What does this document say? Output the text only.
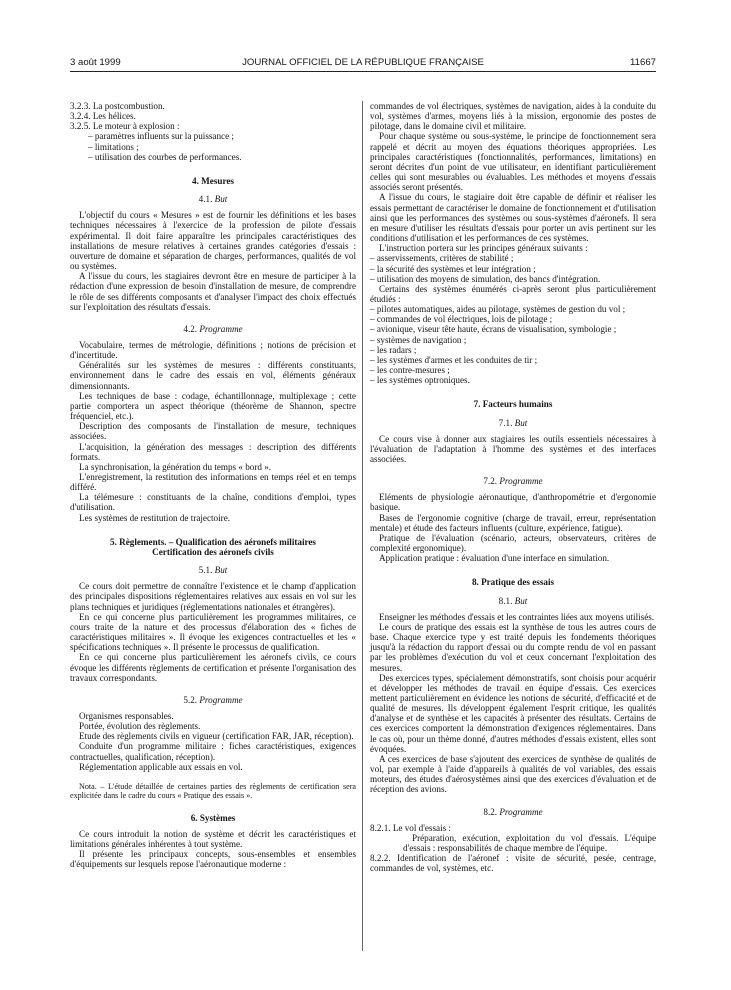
3 août 1999	JOURNAL OFFICIEL DE LA RÉPUBLIQUE FRANÇAISE	11667

3.2.3. La postcombustion.

3.2.4. Les hélices.

3.2.5. Le moteur à explosion :

– paramètres influents sur la puissance ;

– limitations ;

– utilisation des courbes de performances.

4. Mesures
4.1. But

L'objectif du cours « Mesures » est de fournir les définitions et les bases techniques nécessaires à l'exercice de la profession de pilote d'essais expérimental. Il doit faire apparaître les principales caractéristiques des installations de mesure relatives à certaines grandes catégories d'essais : ouverture de domaine et séparation de charges, performances, qualités de vol ou systèmes.

A l'issue du cours, les stagiaires devront être en mesure de participer à la rédaction d'une expression de besoin d'installation de mesure, de comprendre le rôle de ses différents composants et d'analyser l'impact des choix effectués sur l'exploitation des résultats d'essais.

4.2. Programme

Vocabulaire, termes de métrologie, définitions ; notions de précision et d'incertitude.

Généralités sur les systèmes de mesures : différents constituants, environnement dans le cadre des essais en vol, éléments généraux dimensionnants.

Les techniques de base : codage, échantillonnage, multiplexage ; cette partie comportera un aspect théorique (théorème de Shannon, spectre fréquenciel, etc.).

Description des composants de l'installation de mesure, techniques associées.

L'acquisition, la génération des messages : description des différents formats.

La synchronisation, la génération du temps « bord ».

L'enregistrement, la restitution des informations en temps réel et en temps différé.

La télémesure : constituants de la chaîne, conditions d'emploi, types d'utilisation.

Les systèmes de restitution de trajectoire.

5. Règlements. – Qualification des aéronefs militaires
Certification des aéronefs civils
5.1. But

Ce cours doit permettre de connaître l'existence et le champ d'application des principales dispositions réglementaires relatives aux essais en vol sur les plans techniques et juridiques (réglementations nationales et étrangères).

En ce qui concerne plus particulièrement les programmes militaires, ce cours traite de la nature et des processus d'élaboration des « fiches de caractéristiques militaires ». Il évoque les exigences contractuelles et les « spécifications techniques ». Il présente le processus de qualification.

En ce qui concerne plus particulièrement les aéronefs civils, ce cours évoque les différents règlements de certification et présente l'organisation des travaux correspondants.

5.2. Programme

Organismes responsables.

Portée, évolution des règlements.

Etude des règlements civils en vigueur (certification FAR, JAR, réception).

Conduite d'un programme militaire : fiches caractéristiques, exigences contractuelles, qualification, réception).

Réglementation applicable aux essais en vol.

Nota. – L'étude détaillée de certaines parties des règlements de certification sera explicitée dans le cadre du cours « Pratique des essais ».

6. Systèmes

Ce cours introduit la notion de système et décrit les caractéristiques et limitations générales inhérentes à tout système.

Il présente les principaux concepts, sous-ensembles et ensembles d'équipements sur lesquels repose l'aéronautique moderne :

commandes de vol électriques, systèmes de navigation, aides à la conduite du vol, systèmes d'armes, moyens liés à la mission, ergonomie des postes de pilotage, dans le domaine civil et militaire.

Pour chaque système ou sous-système, le principe de fonctionnement sera rappelé et décrit au moyen des équations théoriques appropriées. Les principales caractéristiques (fonctionnalités, performances, limitations) en seront décrites d'un point de vue utilisateur, en identifiant particulièrement celles qui sont mesurables ou évaluables. Les méthodes et moyens d'essais associés seront présentés.

A l'issue du cours, le stagiaire doit être capable de définir et réaliser les essais permettant de caractériser le domaine de fonctionnement et d'utilisation ainsi que les performances des systèmes ou sous-systèmes d'aéronefs. Il sera en mesure d'utiliser les résultats d'essais pour porter un avis pertinent sur les conditions d'utilisation et les performances de ces systèmes.

L'instruction portera sur les principes généraux suivants :

– asservissements, critères de stabilité ;

– la sécurité des systèmes et leur intégration ;

– utilisation des moyens de simulation, des bancs d'intégration.

Certains des systèmes énumérés ci-après seront plus particulièrement étudiés :

– pilotes automatiques, aides au pilotage, systèmes de gestion du vol ;

– commandes de vol électriques, lois de pilotage ;

– avionique, viseur tête haute, écrans de visualisation, symbologie ;

– systèmes de navigation ;

– les radars ;

– les systèmes d'armes et les conduites de tir ;

– les contre-mesures ;

– les systèmes optroniques.

7. Facteurs humains
7.1. But

Ce cours vise à donner aux stagiaires les outils essentiels nécessaires à l'évaluation de l'adaptation à l'homme des systèmes et des interfaces associées.

7.2. Programme

Eléments de physiologie aéronautique, d'anthropométrie et d'ergonomie basique.

Bases de l'ergonomie cognitive (charge de travail, erreur, représentation mentale) et étude des facteurs influents (culture, expérience, fatigue).

Pratique de l'évaluation (scénario, acteurs, observateurs, critères de complexité ergonomique).

Application pratique : évaluation d'une interface en simulation.

8. Pratique des essais
8.1. But

Enseigner les méthodes d'essais et les contraintes liées aux moyens utilisés.

Le cours de pratique des essais est la synthèse de tous les autres cours de base. Chaque exercice type y est traité depuis les fondements théoriques jusqu'à la rédaction du rapport d'essai ou du compte rendu de vol en passant par les problèmes d'exécution du vol et ceux concernant l'exploitation des mesures.

Des exercices types, spécialement démonstratifs, sont choisis pour acquérir et développer les méthodes de travail en équipe d'essais. Ces exercices mettent particulièrement en évidence les notions de sécurité, d'efficacité et de qualité de mesures. Ils développent également l'esprit critique, les qualités d'analyse et de synthèse et les capacités à présenter des résultats. Certains de ces exercices comportent la démonstration d'exigences réglementaires. Dans le cas où, pour un thème donné, d'autres méthodes d'essais existent, elles sont évoquées.

A ces exercices de base s'ajoutent des exercices de synthèse de qualités de vol, par exemple à l'aide d'appareils à qualités de vol variables, des essais moteurs, des études d'aérosystèmes ainsi que des exercices d'évaluation et de réception des avions.

8.2. Programme

8.2.1. Le vol d'essais :

Préparation, exécution, exploitation du vol d'essais. L'équipe d'essais : responsabilités de chaque membre de l'équipe.

8.2.2. Identification de l'aéronef : visite de sécurité, pesée, centrage, commandes de vol, systèmes, etc.
